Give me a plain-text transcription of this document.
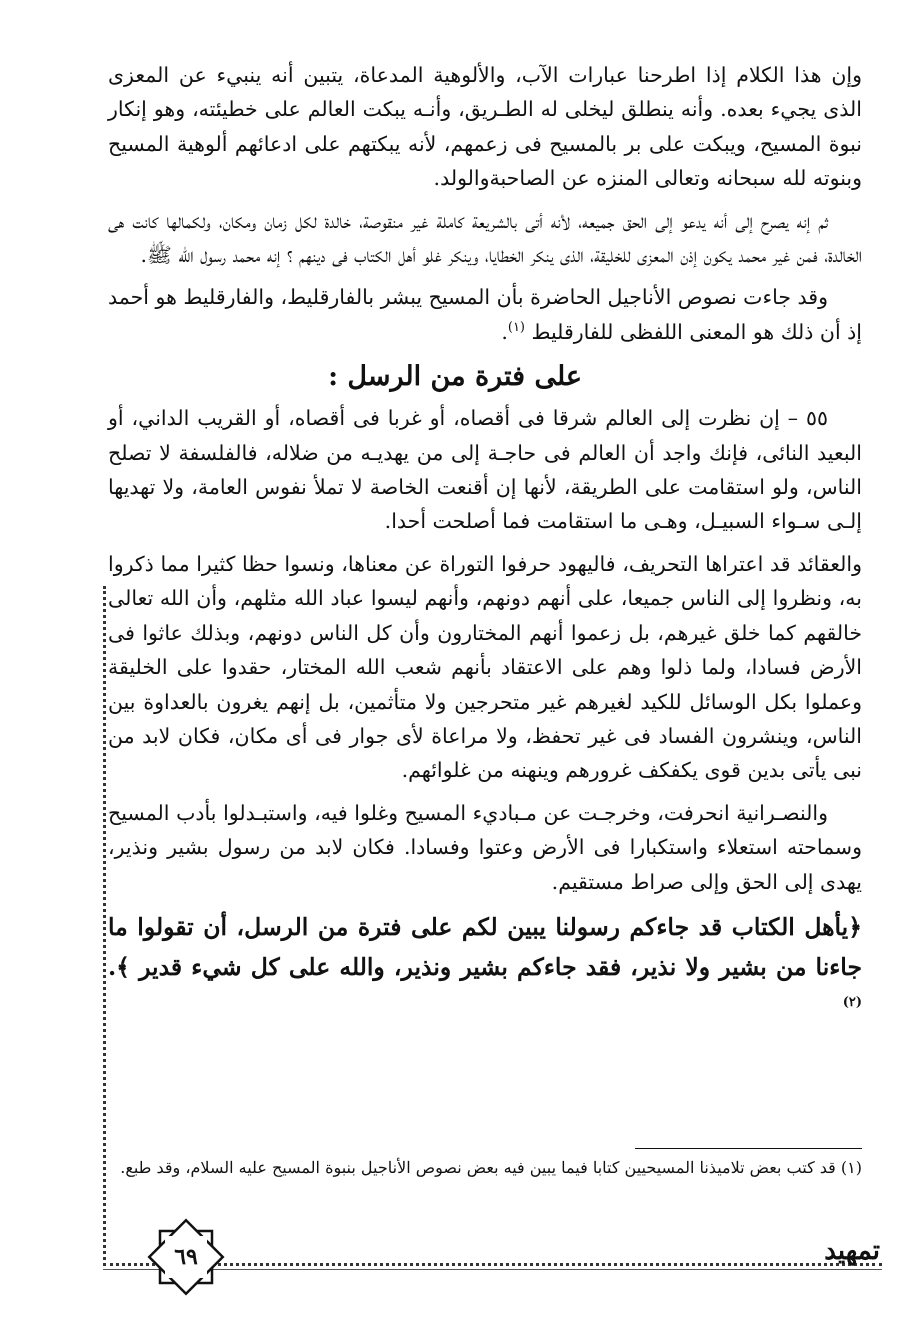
وإن هذا الكلام إذا اطرحنا عبارات الآب، والألوهية المدعاة، يتبين أنه ينبيء عن المعزى الذى يجيء بعده. وأنه ينطلق ليخلى له الطـريق، وأنـه يبكت العالم على خطيئته، وهو إنكار نبوة المسيح، ويبكت على بر بالمسيح فى زعمهم، لأنه يبكتهم على ادعائهم ألوهية المسيح وبنوته لله سبحانه وتعالى المنزه عن الصاحبةوالولد.

ثم إنه يصرح إلى أنه يدعو إلى الحق جميعه، لأنه أتى بالشريعة كاملة غير منقوصة، خالدة لكل زمان ومكان، ولكمالها كانت هى الخالدة، فمن غير محمد يكون إذن المعزى للخليقة، الذى ينكر الخطايا، وينكر غلو أهل الكتاب فى دينهم ؟ إنه محمد رسول الله ﷺ.

وقد جاءت نصوص الأناجيل الحاضرة بأن المسيح يبشر بالفارقليط، والفارقليط هو أحمد إذ أن ذلك هو المعنى اللفظى للفارقليط $^{(١)}$.

على فترة من الرسل :

٥٥ – إن نظرت إلى العالم شرقا فى أقصاه، أو غربا فى أقصاه، أو القريب الداني، أو البعيد النائى، فإنك واجد أن العالم فى حاجـة إلى من يهديـه من ضلاله، فالفلسفة لا تصلح الناس، ولو استقامت على الطريقة، لأنها إن أقنعت الخاصة لا تملأ نفوس العامة، ولا تهديها إلـى سـواء السبيـل، وهـى ما استقامت فما أصلحت أحدا.

والعقائد قد اعتراها التحريف، فاليهود حرفوا التوراة عن معناها، ونسوا حظا كثيرا مما ذكروا به، ونظروا إلى الناس جميعا، على أنهم دونهم، وأنهم ليسوا عباد الله مثلهم، وأن الله تعالى خالقهم كما خلق غيرهم، بل زعموا أنهم المختارون وأن كل الناس دونهم، وبذلك عاثوا فى الأرض فسادا، ولما ذلوا وهم على الاعتقاد بأنهم شعب الله المختار، حقدوا على الخليقة وعملوا بكل الوسائل للكيد لغيرهم غير متحرجين ولا متأثمين، بل إنهم يغرون بالعداوة بين الناس، وينشرون الفساد فى غير تحفظ، ولا مراعاة لأى جوار فى أى مكان، فكان لابد من نبى يأتى بدين قوى يكفكف غرورهم وينهنه من غلوائهم.

والنصـرانية انحرفت، وخرجـت عن مـباديء المسيح وغلوا فيه، واستبـدلوا بأدب المسيح وسماحته استعلاء واستكبارا فى الأرض وعتوا وفسادا. فكان لابد من رسول بشير ونذير، يهدى إلى الحق وإلى صراط مستقيم.

﴿يأهل الكتاب قد جاءكم رسولنا يبين لكم على فترة من الرسل، أن تقولوا ما جاءنا من بشير ولا نذير، فقد جاءكم بشير ونذير، والله على كل شيء قدير ﴾.$^{(٢)}$

(١) قد كتب بعض تلاميذنا المسيحيين كتابا فيما يبين فيه بعض نصوص الأناجيل بنبوة المسيح عليه السلام، وقد طبع.
٦٩	تمهيد
